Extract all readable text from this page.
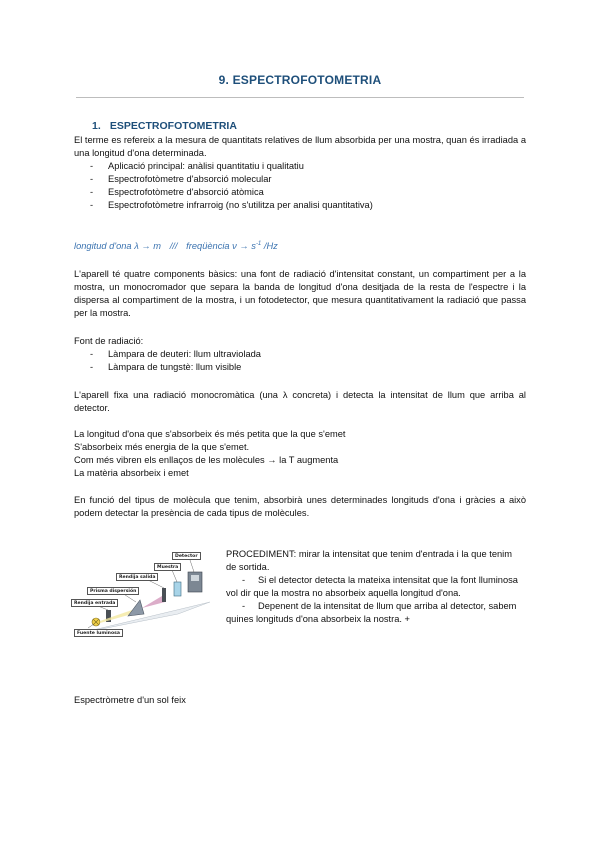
9. ESPECTROFOTOMETRIA
1. ESPECTROFOTOMETRIA
El terme es refereix a la mesura de quantitats relatives de llum absorbida per una mostra, quan és irradiada a una longitud d'ona determinada.
- Aplicació principal: anàlisi quantitatiu i qualitatiu
- Espectrofotòmetre d'absorció molecular
- Espectrofotòmetre d'absorció atòmica
- Espectrofotòmetre infrarroig (no s'utilitza per analisi quantitativa)
longitud d'ona λ → m /// freqüència $\nu \to s^{-1}$ /Hz
L'aparell té quatre components bàsics: una font de radiació d'intensitat constant, un compartiment per a la mostra, un monocromador que separa la banda de longitud d'ona desitjada de la resta de l'espectre i la dispersa al compartiment de la mostra, i un fotodetector, que mesura quantitativament la radiació que passa per la mostra.
Font de radiació:
- Làmpara de deuteri: llum ultraviolada
- Làmpara de tungstè: llum visible
L'aparell fixa una radiació monocromàtica (una λ concreta) i detecta la intensitat de llum que arriba al detector.
La longitud d'ona que s'absorbeix és més petita que la que s'emet
S'absorbeix més energia de la que s'emet.
Com més vibren els enllaços de les molècules → la T augmenta
La matèria absorbeix i emet
En funció del tipus de molècula que tenim, absorbirà unes determinades longituds d'ona i gràcies a això podem detectar la presència de cada tipus de molècules.
Detector
Muestra
Rendija salida
Prisma dispersión
Rendija entrada
Fuente luminosa
PROCEDIMENT: mirar la intensitat que tenim d'entrada i la que tenim de sortida.
-     Si el detector detecta la mateixa intensitat que la font lluminosa vol dir que la mostra no absorbeix aquella longitud d'ona.
-     Depenent de la intensitat de llum que arriba al detector, sabem quines longituds d'ona absorbeix la nostra. +
Espectròmetre d'un sol feix
